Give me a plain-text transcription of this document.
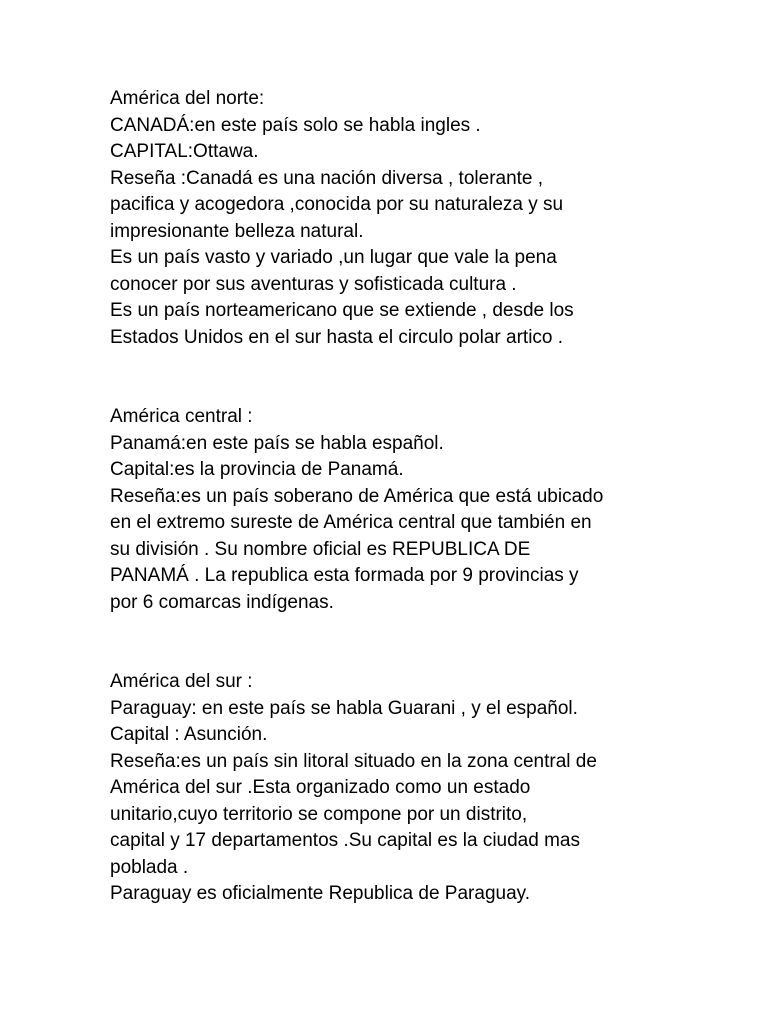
América del norte:
CANADÁ:en este país solo se habla ingles .
CAPITAL:Ottawa.
Reseña :Canadá es una nación diversa , tolerante ,
pacifica y acogedora ,conocida por su naturaleza y su
impresionante belleza natural.
Es un país vasto y variado ,un lugar que vale la pena
conocer por sus aventuras y sofisticada cultura .
Es un país norteamericano que se extiende , desde los
Estados Unidos en el sur hasta el circulo polar artico .
América central :
Panamá:en este país se habla español.
Capital:es la provincia de Panamá.
Reseña:es un país soberano de América que está ubicado
en el extremo sureste de América central que también en
su división . Su nombre oficial es REPUBLICA DE
PANAMÁ . La republica esta formada por 9 provincias y
por 6 comarcas indígenas.
América del sur :
Paraguay: en este país se habla Guarani , y el español.
Capital : Asunción.
Reseña:es un país sin litoral situado en la zona central de
América del sur .Esta organizado como un estado
unitario,cuyo territorio se compone por un distrito,
capital y 17 departamentos .Su capital es la ciudad mas
poblada .
Paraguay es oficialmente Republica de Paraguay.
